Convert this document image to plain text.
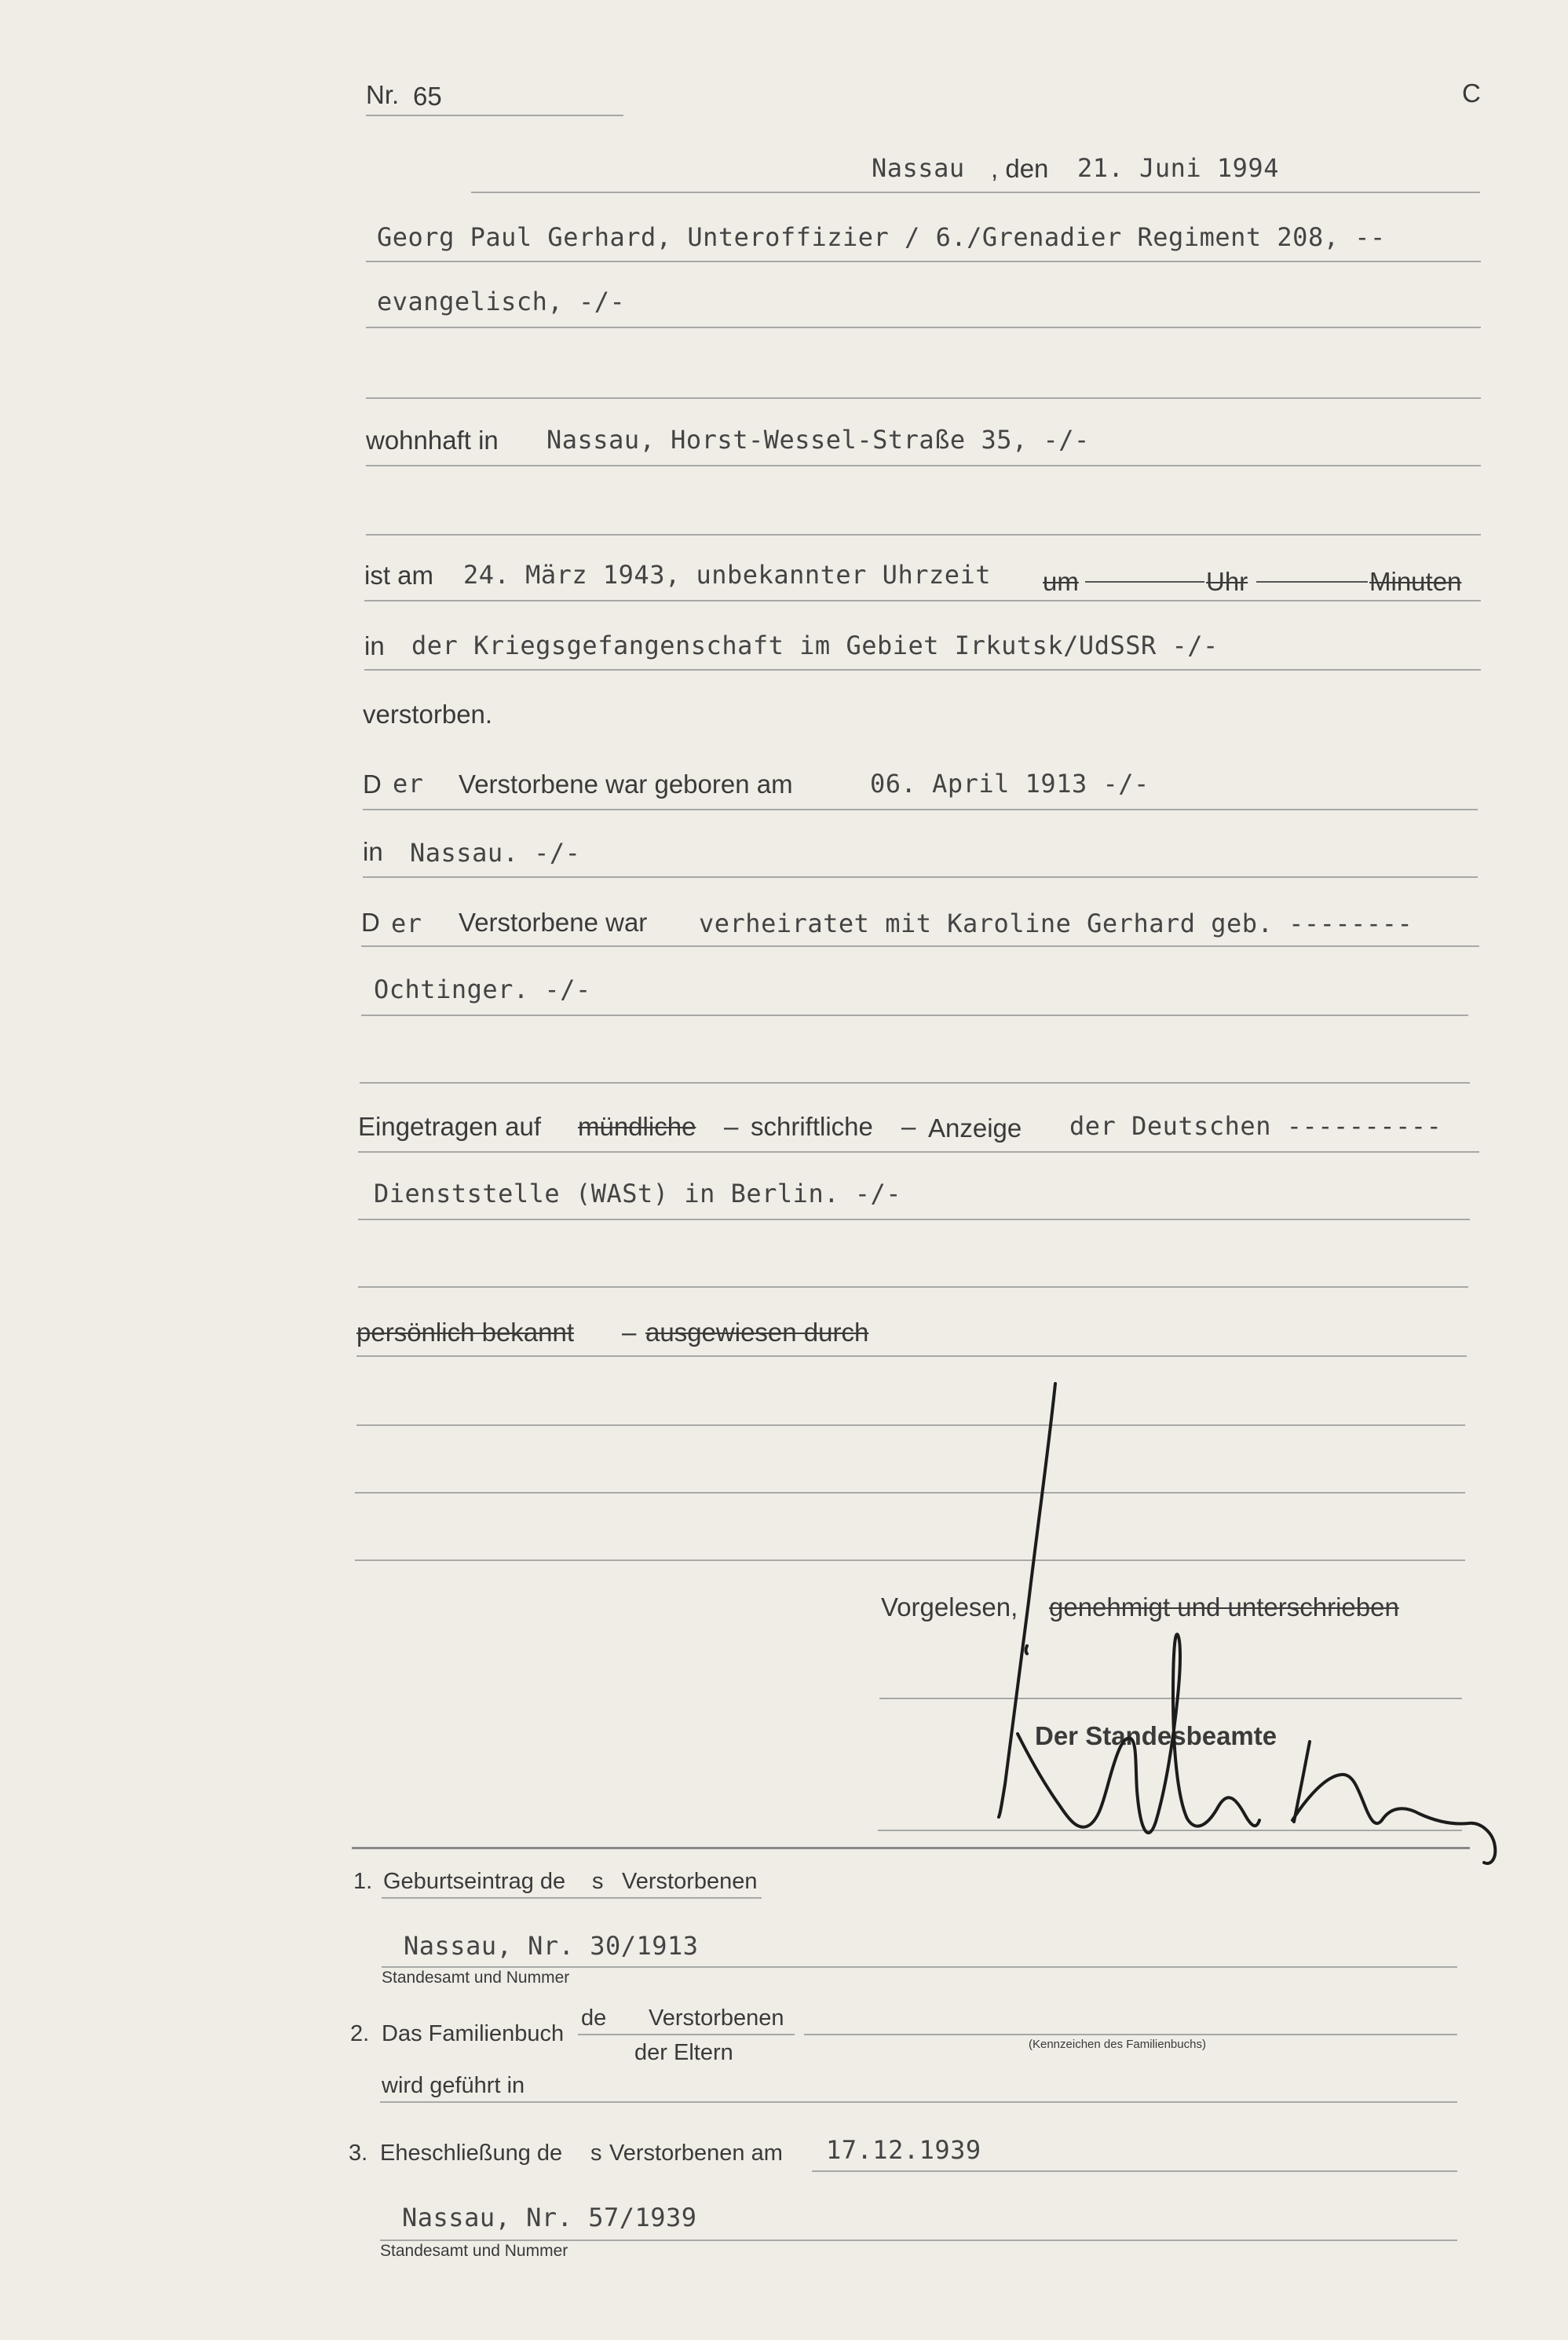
Nr. 65	C
Nassau , den 21. Juni 1994
Georg Paul Gerhard, Unteroffizier / 6./Grenadier Regiment 208, --
evangelisch, -/-
wohnhaft in Nassau, Horst-Wessel-Straße 35, -/-
ist am 24. März 1943, unbekannter Uhrzeit um	Uhr	Minuten
in der Kriegsgefangenschaft im Gebiet Irkutsk/UdSSR -/-
verstorben.
D er Verstorbene war geboren am	06. April 1913 -/-
in Nassau. -/-
D er Verstorbene war verheiratet mit Karoline Gerhard geb. --------
Ochtinger. -/-
Eingetragen auf mündliche – schriftliche – Anzeige der Deutschen ----------
Dienststelle (WASt) in Berlin. -/-
persönlich bekannt – ausgewiesen durch
Vorgelesen, genehmigt und unterschrieben
Der Standesbeamte
1. Geburtseintrag de s Verstorbenen
Nassau, Nr. 30/1913
Standesamt und Nummer
2. Das Familienbuch
de Verstorbenen
der Eltern	(Kennzeichen des Familienbuchs)
wird geführt in
3. Eheschließung de s Verstorbenen am 17.12.1939
Nassau, Nr. 57/1939
Standesamt und Nummer
